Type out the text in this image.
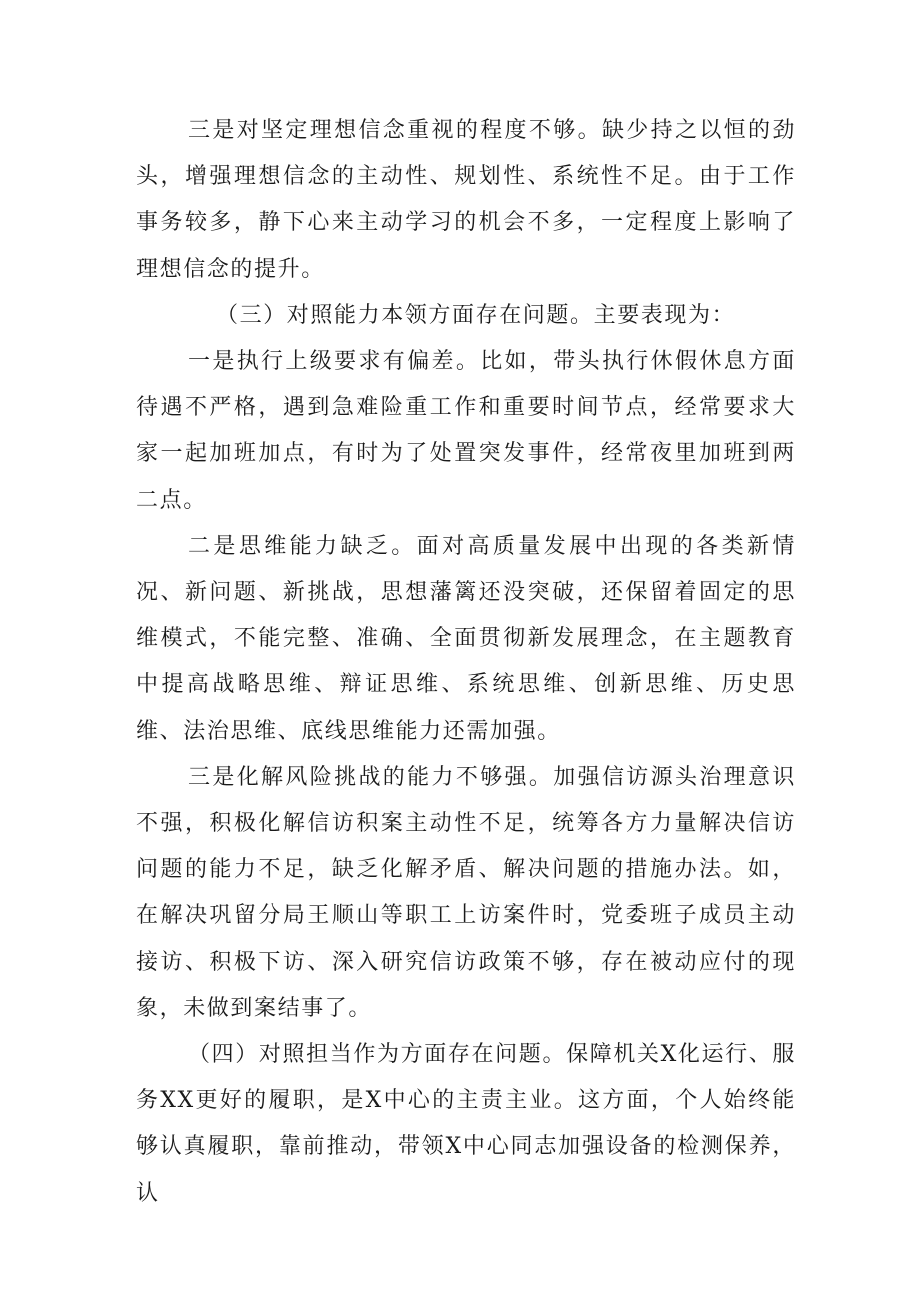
三是对坚定理想信念重视的程度不够。缺少持之以恒的劲头，增强理想信念的主动性、规划性、系统性不足。由于工作事务较多，静下心来主动学习的机会不多，一定程度上影响了理想信念的提升。

（三）对照能力本领方面存在问题。主要表现为：

一是执行上级要求有偏差。比如，带头执行休假休息方面待遇不严格，遇到急难险重工作和重要时间节点，经常要求大家一起加班加点，有时为了处置突发事件，经常夜里加班到两二点。

二是思维能力缺乏。面对高质量发展中出现的各类新情况、新问题、新挑战，思想藩篱还没突破，还保留着固定的思维模式，不能完整、准确、全面贯彻新发展理念，在主题教育中提高战略思维、辩证思维、系统思维、创新思维、历史思维、法治思维、底线思维能力还需加强。

三是化解风险挑战的能力不够强。加强信访源头治理意识不强，积极化解信访积案主动性不足，统筹各方力量解决信访问题的能力不足，缺乏化解矛盾、解决问题的措施办法。如，在解决巩留分局王顺山等职工上访案件时，党委班子成员主动接访、积极下访、深入研究信访政策不够，存在被动应付的现象，未做到案结事了。

（四）对照担当作为方面存在问题。保障机关X化运行、服务XX更好的履职，是X中心的主责主业。这方面，个人始终能够认真履职，靠前推动，带领X中心同志加强设备的检测保养，认
